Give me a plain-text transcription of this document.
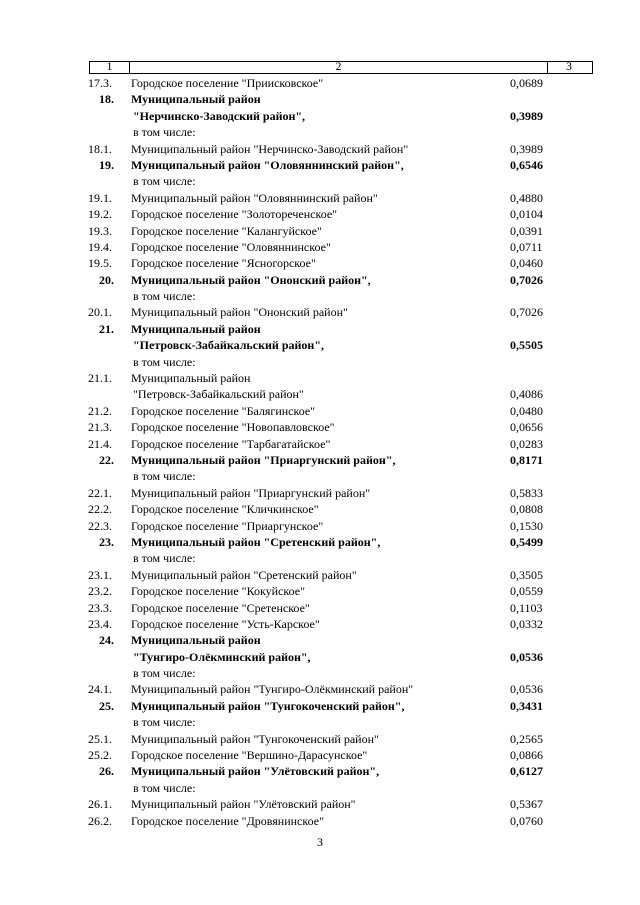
1	2	3
17.3.	Городское поселение "Приисковское"	0,0689
18.	Муниципальный район
"Нерчинско-Заводский район",	0,3989
в том числе:
18.1.	Муниципальный район "Нерчинско-Заводский район"	0,3989
19.	Муниципальный район "Оловяннинский район",	0,6546
в том числе:
19.1.	Муниципальный район "Оловяннинский район"	0,4880
19.2.	Городское поселение "Золотореченское"	0,0104
19.3.	Городское поселение "Калангуйское"	0,0391
19.4.	Городское поселение "Оловяннинское"	0,0711
19.5.	Городское поселение "Ясногорское"	0,0460
20.	Муниципальный район "Ононский район",	0,7026
в том числе:
20.1.	Муниципальный район "Ононский район"	0,7026
21.	Муниципальный район
"Петровск-Забайкальский район",	0,5505
в том числе:
21.1.	Муниципальный район
"Петровск-Забайкальский район"	0,4086
21.2.	Городское поселение "Балягинское"	0,0480
21.3.	Городское поселение "Новопавловское"	0,0656
21.4.	Городское поселение "Тарбагатайское"	0,0283
22.	Муниципальный район "Приаргунский район",	0,8171
в том числе:
22.1.	Муниципальный район "Приаргунский район"	0,5833
22.2.	Городское поселение "Кличкинское"	0,0808
22.3.	Городское поселение "Приаргунское"	0,1530
23.	Муниципальный район "Сретенский район",	0,5499
в том числе:
23.1.	Муниципальный район "Сретенский район"	0,3505
23.2.	Городское поселение "Кокуйское"	0,0559
23.3.	Городское поселение "Сретенское"	0,1103
23.4.	Городское поселение "Усть-Карское"	0,0332
24.	Муниципальный район
"Тунгиро-Олёкминский район",	0,0536
в том числе:
24.1.	Муниципальный район "Тунгиро-Олёкминский район"	0,0536
25.	Муниципальный район "Тунгокоченский район",	0,3431
в том числе:
25.1.	Муниципальный район "Тунгокоченский район"	0,2565
25.2.	Городское поселение "Вершино-Дарасунское"	0,0866
26.	Муниципальный район "Улётовский район",	0,6127
в том числе:
26.1.	Муниципальный район "Улётовский район"	0,5367
26.2.	Городское поселение "Дровянинское"	0,0760
3
